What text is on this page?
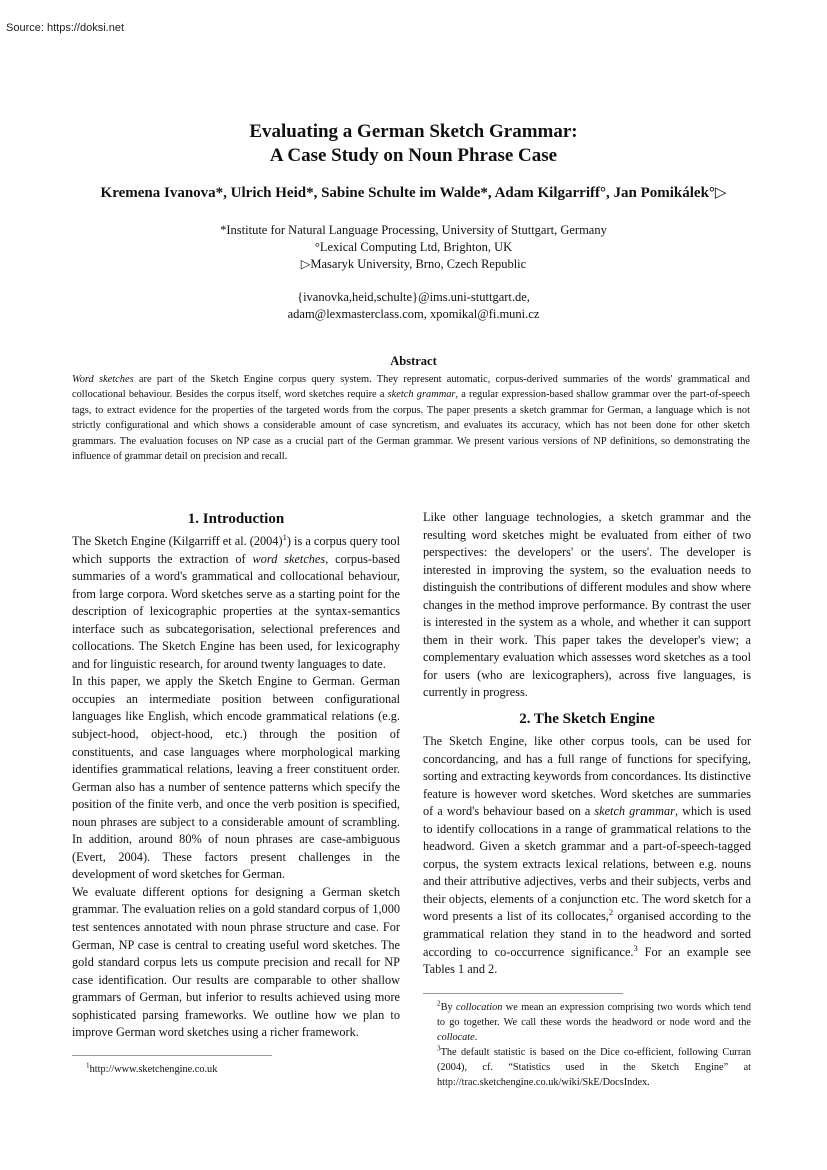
Source: https://doksi.net
Evaluating a German Sketch Grammar:
A Case Study on Noun Phrase Case
Kremena Ivanova*, Ulrich Heid*, Sabine Schulte im Walde*, Adam Kilgarriff°, Jan Pomikálek°▷
*Institute for Natural Language Processing, University of Stuttgart, Germany
°Lexical Computing Ltd, Brighton, UK
▷Masaryk University, Brno, Czech Republic
{ivanovka,heid,schulte}@ims.uni-stuttgart.de,
adam@lexmasterclass.com, xpomikal@fi.muni.cz
Abstract
Word sketches are part of the Sketch Engine corpus query system. They represent automatic, corpus-derived summaries of the words' grammatical and collocational behaviour. Besides the corpus itself, word sketches require a sketch grammar, a regular expression-based shallow grammar over the part-of-speech tags, to extract evidence for the properties of the targeted words from the corpus. The paper presents a sketch grammar for German, a language which is not strictly configurational and which shows a considerable amount of case syncretism, and evaluates its accuracy, which has not been done for other sketch grammars. The evaluation focuses on NP case as a crucial part of the German grammar. We present various versions of NP definitions, so demonstrating the influence of grammar detail on precision and recall.
1. Introduction

The Sketch Engine (Kilgarriff et al. $(2004)^1$) is a corpus query tool which supports the extraction of word sketches, corpus-based summaries of a word's grammatical and collocational behaviour, from large corpora. Word sketches serve as a starting point for the description of lexicographic properties at the syntax-semantics interface such as subcategorisation, selectional preferences and collocations. The Sketch Engine has been used, for lexicography and for linguistic research, for around twenty languages to date.

In this paper, we apply the Sketch Engine to German. German occupies an intermediate position between configurational languages like English, which encode grammatical relations (e.g. subject-hood, object-hood, etc.) through the position of constituents, and case languages where morphological marking identifies grammatical relations, leaving a freer constituent order. German also has a number of sentence patterns which specify the position of the finite verb, and once the verb position is specified, noun phrases are subject to a considerable amount of scrambling. In addition, around 80% of noun phrases are case-ambiguous (Evert, 2004). These factors present challenges in the development of word sketches for German.

We evaluate different options for designing a German sketch grammar. The evaluation relies on a gold standard corpus of 1,000 test sentences annotated with noun phrase structure and case. For German, NP case is central to creating useful word sketches. The gold standard corpus lets us compute precision and recall for NP case identification. Our results are comparable to other shallow grammars of German, but inferior to results achieved using more sophisticated parsing frameworks. We outline how we plan to improve German word sketches using a richer framework.

$^1$http://www.sketchengine.co.uk

Like other language technologies, a sketch grammar and the resulting word sketches might be evaluated from either of two perspectives: the developers' or the users'. The developer is interested in improving the system, so the evaluation needs to distinguish the contributions of different modules and show where changes in the method improve performance. By contrast the user is interested in the system as a whole, and whether it can support them in their work. This paper takes the developer's view; a complementary evaluation which assesses word sketches as a tool for users (who are lexicographers), across five languages, is currently in progress.

2. The Sketch Engine

The Sketch Engine, like other corpus tools, can be used for concordancing, and has a full range of functions for specifying, sorting and extracting keywords from concordances. Its distinctive feature is however word sketches. Word sketches are summaries of a word's behaviour based on a sketch grammar, which is used to identify collocations in a range of grammatical relations to the headword. Given a sketch grammar and a part-of-speech-tagged corpus, the system extracts lexical relations, between e.g. nouns and their attributive adjectives, verbs and their subjects, verbs and their objects, elements of a conjunction etc. The word sketch for a word presents a list of its collocates,$^2$ organised according to the grammatical relation they stand in to the headword and sorted according to co-occurrence significance.$^3$ For an example see Tables 1 and 2.

$^2$By collocation we mean an expression comprising two words which tend to go together. We call these words the headword or node word and the collocate.
$^3$The default statistic is based on the Dice co-efficient, following Curran (2004), cf. “Statistics used in the Sketch Engine” at http://trac.sketchengine.co.uk/wiki/SkE/DocsIndex.
